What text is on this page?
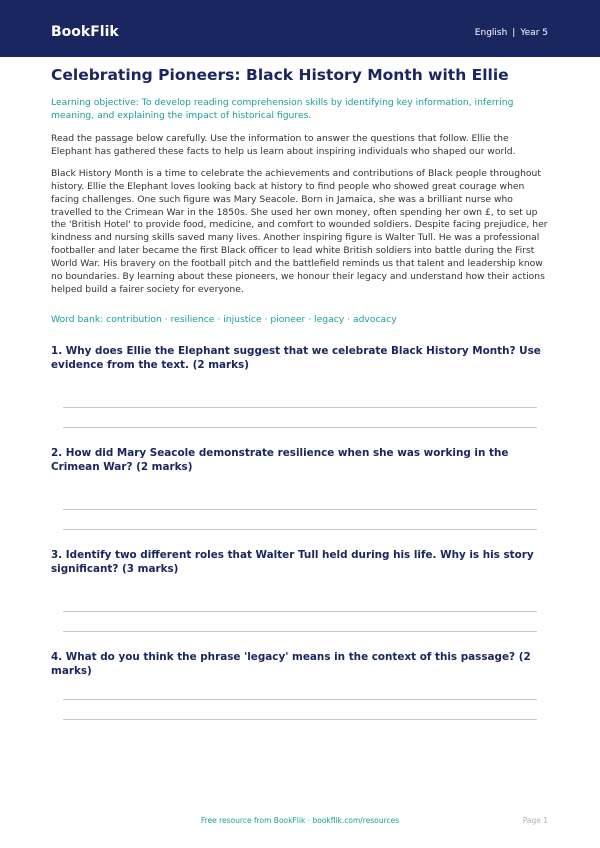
BookFlik	English | Year 5
Celebrating Pioneers: Black History Month with Ellie

Learning objective: To develop reading comprehension skills by identifying key information, inferring meaning, and explaining the impact of historical figures.

Read the passage below carefully. Use the information to answer the questions that follow. Ellie the Elephant has gathered these facts to help us learn about inspiring individuals who shaped our world.

Black History Month is a time to celebrate the achievements and contributions of Black people throughout history. Ellie the Elephant loves looking back at history to find people who showed great courage when facing challenges. One such figure was Mary Seacole. Born in Jamaica, she was a brilliant nurse who travelled to the Crimean War in the 1850s. She used her own money, often spending her own £, to set up the 'British Hotel' to provide food, medicine, and comfort to wounded soldiers. Despite facing prejudice, her kindness and nursing skills saved many lives. Another inspiring figure is Walter Tull. He was a professional footballer and later became the first Black officer to lead white British soldiers into battle during the First World War. His bravery on the football pitch and the battlefield reminds us that talent and leadership know no boundaries. By learning about these pioneers, we honour their legacy and understand how their actions helped build a fairer society for everyone.

Word bank: contribution · resilience · injustice · pioneer · legacy · advocacy

1. Why does Ellie the Elephant suggest that we celebrate Black History Month? Use evidence from the text. (2 marks)

2. How did Mary Seacole demonstrate resilience when she was working in the Crimean War? (2 marks)

3. Identify two different roles that Walter Tull held during his life. Why is his story significant? (3 marks)

4. What do you think the phrase 'legacy' means in the context of this passage? (2 marks)

Free resource from BookFlik · bookflik.com/resources	Page 1
